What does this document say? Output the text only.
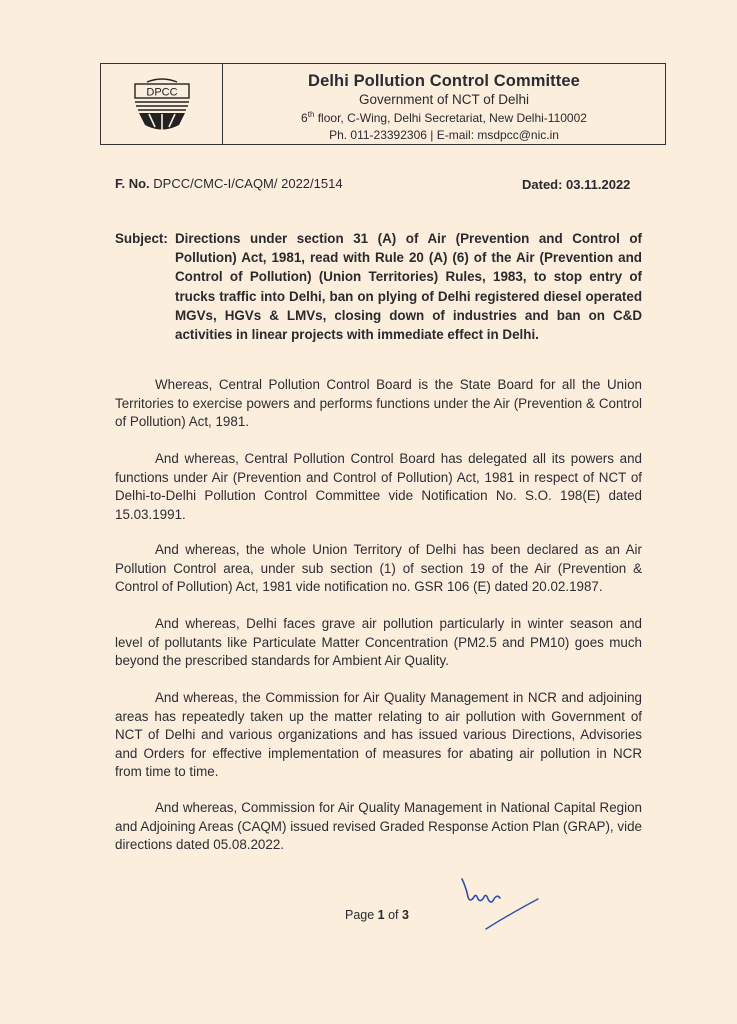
DPCC
Delhi Pollution Control Committee
Government of NCT of Delhi
6th floor, C-Wing, Delhi Secretariat, New Delhi-110002
Ph. 011-23392306 | E-mail: msdpcc@nic.in
F. No. DPCC/CMC-I/CAQM/ 2022/1514	Dated: 03.11.2022
Subject: Directions under section 31 (A) of Air (Prevention and Control of Pollution) Act, 1981, read with Rule 20 (A) (6) of the Air (Prevention and Control of Pollution) (Union Territories) Rules, 1983, to stop entry of trucks traffic into Delhi, ban on plying of Delhi registered diesel operated MGVs, HGVs & LMVs, closing down of industries and ban on C&D activities in linear projects with immediate effect in Delhi.
Whereas, Central Pollution Control Board is the State Board for all the Union Territories to exercise powers and performs functions under the Air (Prevention & Control of Pollution) Act, 1981.
And whereas, Central Pollution Control Board has delegated all its powers and functions under Air (Prevention and Control of Pollution) Act, 1981 in respect of NCT of Delhi-to-Delhi Pollution Control Committee vide Notification No. S.O. 198(E) dated 15.03.1991.
And whereas, the whole Union Territory of Delhi has been declared as an Air Pollution Control area, under sub section (1) of section 19 of the Air (Prevention & Control of Pollution) Act, 1981 vide notification no. GSR 106 (E) dated 20.02.1987.
And whereas, Delhi faces grave air pollution particularly in winter season and level of pollutants like Particulate Matter Concentration (PM2.5 and PM10) goes much beyond the prescribed standards for Ambient Air Quality.
And whereas, the Commission for Air Quality Management in NCR and adjoining areas has repeatedly taken up the matter relating to air pollution with Government of NCT of Delhi and various organizations and has issued various Directions, Advisories and Orders for effective implementation of measures for abating air pollution in NCR from time to time.
And whereas, Commission for Air Quality Management in National Capital Region and Adjoining Areas (CAQM) issued revised Graded Response Action Plan (GRAP), vide directions dated 05.08.2022.
Page 1 of 3
